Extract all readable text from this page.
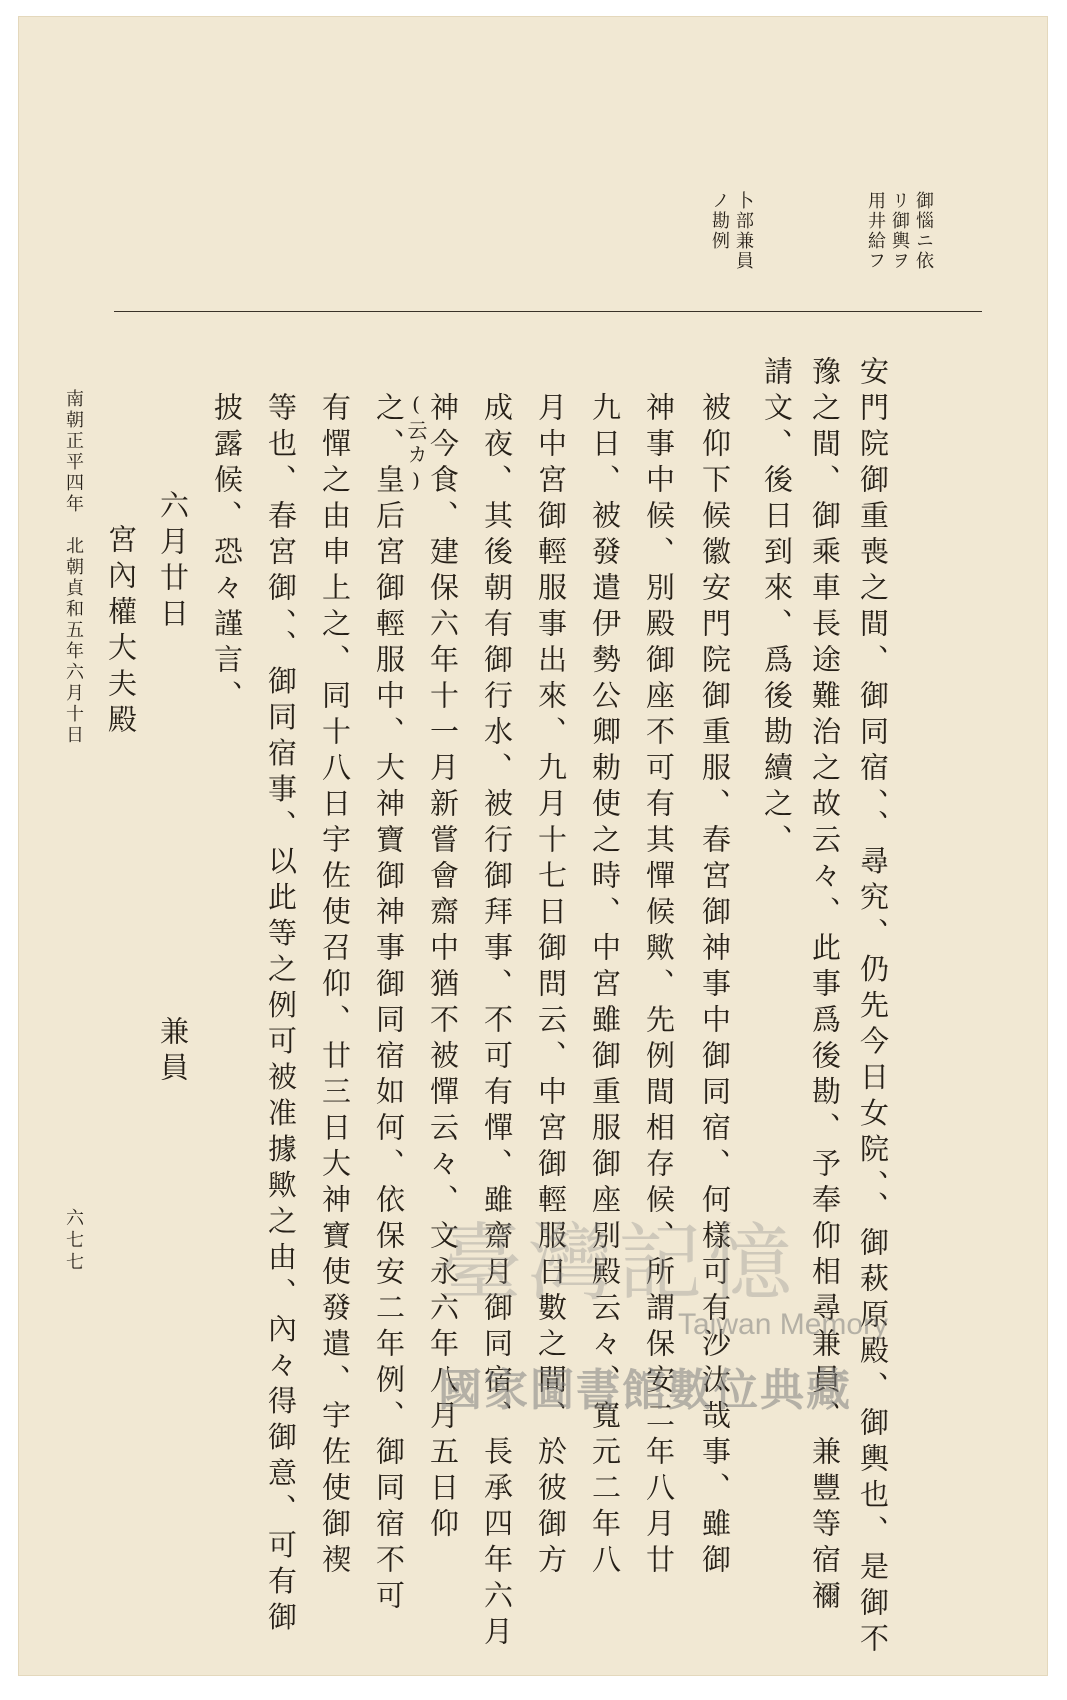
御惱ニ依
リ御輿ヲ
用井給フ
卜部兼員
ノ勘例
安門院御重喪之間、御同宿、、尋究、仍先今日女院、、御萩原殿、御輿也、是御不
豫之間、御乘車長途難治之故云々、此事爲後勘、予奉仰相尋兼員、兼豐等宿禰
請文、後日到來、爲後勘續之、
被仰下候徽安門院御重服、春宮御神事中御同宿、何樣可有沙汰哉事、雖御
神事中候、別殿御座不可有其憚候歟、先例間相存候、所謂保安二年八月廿
九日、被發遣伊勢公卿勅使之時、中宮雖御重服御座別殿云々、寬元二年八
月中宮御輕服事出來、九月十七日御問云、中宮御輕服日數之間、於彼御方
成夜、其後朝有御行水、被行御拜事、不可有憚、雖齋月御同宿、長承四年六月
神今食、建保六年十一月新嘗會齋中猶不被憚云々、文永六年八月五日仰
(云カ)
之、皇后宮御輕服中、大神寶御神事御同宿如何、依保安二年例、御同宿不可
有憚之由申上之、同十八日宇佐使召仰、廿三日大神寶使發遣、宇佐使御禊
等也、春宮御、、御同宿事、以此等之例可被准據歟之由、內々得御意、可有御
披露候、恐々謹言、
六月廿日
兼員
宮內權大夫殿
南朝正平四年　北朝貞和五年六月十日
六七七	臺灣記憶
Taiwan Memory
國家圖書館數位典藏
